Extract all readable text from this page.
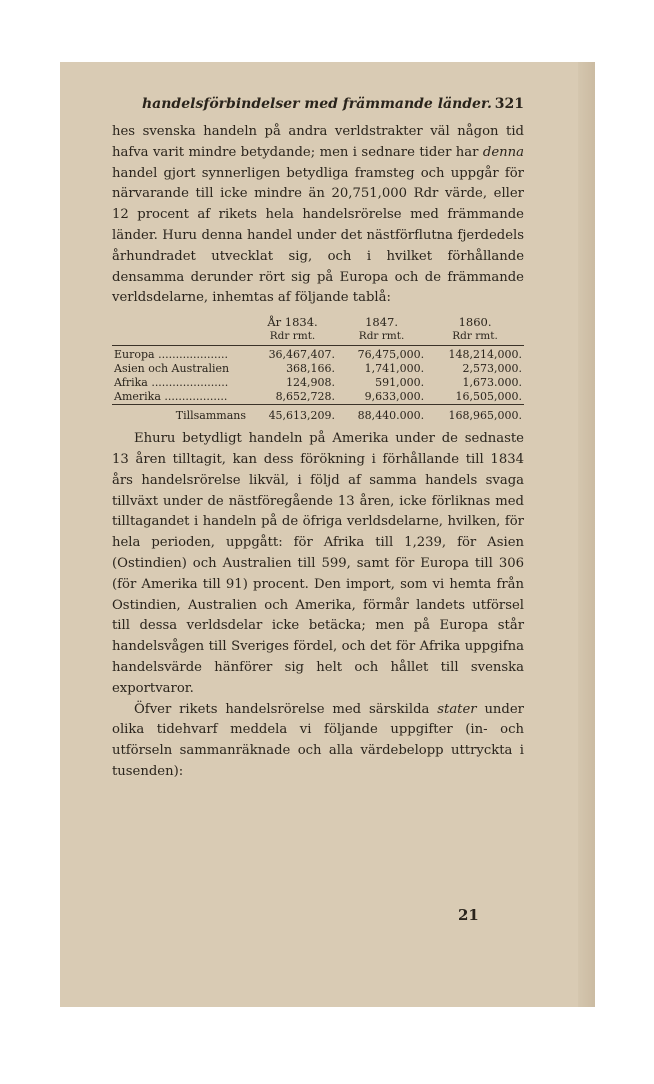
handelsförbindelser med främmande länder. 321

hes svenska handeln på andra verldstrakter väl någon tid hafva varit mindre betydande; men i sednare tider har denna handel gjort synnerligen betydliga framsteg och uppgår för närvarande till icke mindre än 20,751,000 Rdr värde, eller 12 procent af rikets hela handelsrörelse med främmande länder. Huru denna handel under det nästförflutna fjerdedels århundradet utvecklat sig, och i hvilket förhållande densamma derunder rört sig på Europa och de främmande verldsdelarne, inhemtas af följande tablå:

	År 1834.	1847.	1860.
	Rdr rmt.	Rdr rmt.	Rdr rmt.
Europa ....................	36,467,407.	76,475,000.	148,214,000.
Asien och Australien	368,166.	1,741,000.	2,573,000.
Afrika ......................	124,908.	591,000.	1,673.000.
Amerika ..................	8,652,728.	9,633,000.	16,505,000.
Tillsammans	45,613,209.	88,440.000.	168,965,000.

Ehuru betydligt handeln på Amerika under de sednaste 13 åren tilltagit, kan dess förökning i förhållande till 1834 års handelsrörelse likväl, i följd af samma handels svaga tillväxt under de nästföregående 13 åren, icke förliknas med tilltagandet i handeln på de öfriga verldsdelarne, hvilken, för hela perioden, uppgått: för Afrika till 1,239, för Asien (Ostindien) och Australien till 599, samt för Europa till 306 (för Amerika till 91) procent. Den import, som vi hemta från Ostindien, Australien och Amerika, förmår landets utförsel till dessa verldsdelar icke betäcka; men på Europa står handelsvågen till Sveriges fördel, och det för Afrika uppgifna handelsvärde hänförer sig helt och hållet till svenska exportvaror.

Öfver rikets handelsrörelse med särskilda stater under olika tidehvarf meddela vi följande uppgifter (in- och utförseln sammanräknade och alla värdebelopp uttryckta i tusenden):

21
